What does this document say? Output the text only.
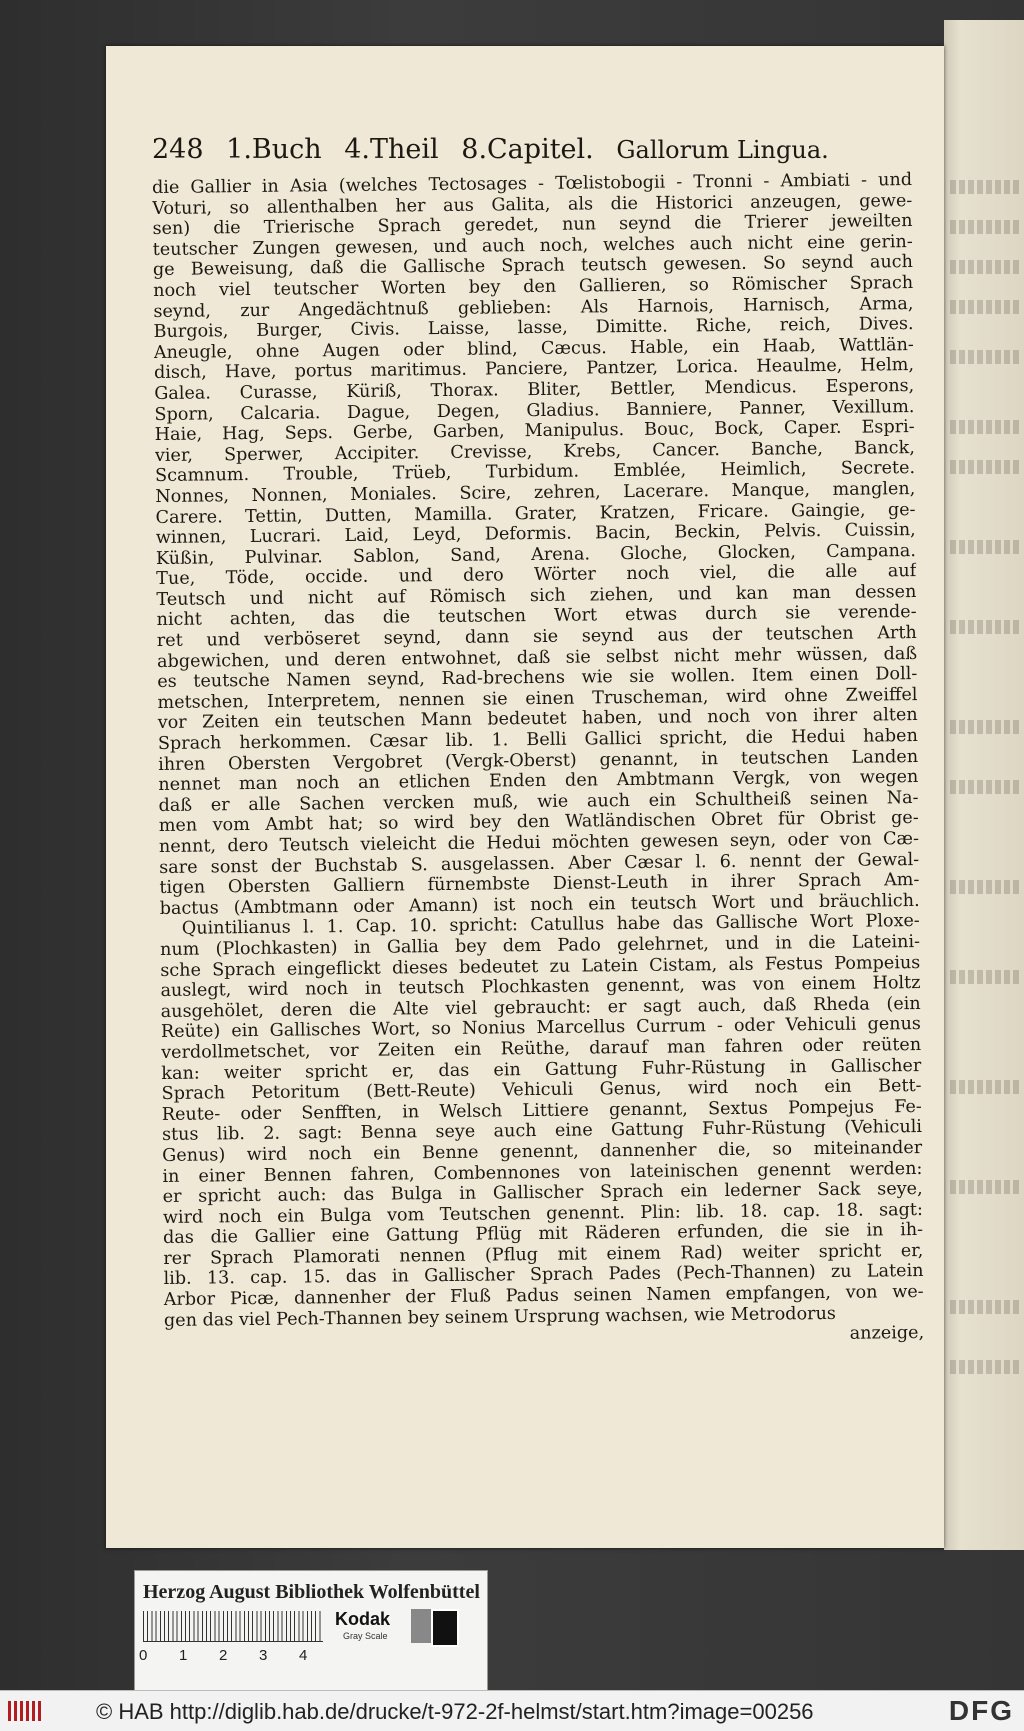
248 1.Buch 4.Theil 8.Capitel. Gallorum Lingua.
die Gallier in Asia (welches Tectosages - Tœlistobogii - Tronni - Ambiati - und
Voturi, so allenthalben her aus Galita, als die Historici anzeugen, gewe-
sen) die Trierische Sprach geredet, nun seynd die Trierer jeweilten
teutscher Zungen gewesen, und auch noch, welches auch nicht eine gerin-
ge Beweisung, daß die Gallische Sprach teutsch gewesen. So seynd auch
noch viel teutscher Worten bey den Gallieren, so Römischer Sprach
seynd, zur Angedächtnuß geblieben: Als Harnois, Harnisch, Arma,
Burgois, Burger, Civis. Laisse, lasse, Dimitte. Riche, reich, Dives.
Aneugle, ohne Augen oder blind, Cæcus. Hable, ein Haab, Wattlän-
disch, Have, portus maritimus. Panciere, Pantzer, Lorica. Heaulme, Helm,
Galea. Curasse, Küriß, Thorax. Bliter, Bettler, Mendicus. Esperons,
Sporn, Calcaria. Dague, Degen, Gladius. Banniere, Panner, Vexillum.
Haie, Hag, Seps. Gerbe, Garben, Manipulus. Bouc, Bock, Caper. Espri-
vier, Sperwer, Accipiter. Crevisse, Krebs, Cancer. Banche, Banck,
Scamnum. Trouble, Trüeb, Turbidum. Emblée, Heimlich, Secrete.
Nonnes, Nonnen, Moniales. Scire, zehren, Lacerare. Manque, manglen,
Carere. Tettin, Dutten, Mamilla. Grater, Kratzen, Fricare. Gaingie, ge-
winnen, Lucrari. Laid, Leyd, Deformis. Bacin, Beckin, Pelvis. Cuissin,
Küßin, Pulvinar. Sablon, Sand, Arena. Gloche, Glocken, Campana.
Tue, Töde, occide. und dero Wörter noch viel, die alle auf
Teutsch und nicht auf Römisch sich ziehen, und kan man dessen
nicht achten, das die teutschen Wort etwas durch sie verende-
ret und verböseret seynd, dann sie seynd aus der teutschen Arth
abgewichen, und deren entwohnet, daß sie selbst nicht mehr wüssen, daß
es teutsche Namen seynd, Rad-brechens wie sie wollen. Item einen Doll-
metschen, Interpretem, nennen sie einen Truscheman, wird ohne Zweiffel
vor Zeiten ein teutschen Mann bedeutet haben, und noch von ihrer alten
Sprach herkommen. Cæsar lib. 1. Belli Gallici spricht, die Hedui haben
ihren Obersten Vergobret (Vergk-Oberst) genannt, in teutschen Landen
nennet man noch an etlichen Enden den Ambtmann Vergk, von wegen
daß er alle Sachen vercken muß, wie auch ein Schultheiß seinen Na-
men vom Ambt hat; so wird bey den Watländischen Obret für Obrist ge-
nennt, dero Teutsch vieleicht die Hedui möchten gewesen seyn, oder von Cæ-
sare sonst der Buchstab S. ausgelassen. Aber Cæsar l. 6. nennt der Gewal-
tigen Obersten Galliern fürnembste Dienst-Leuth in ihrer Sprach Am-
bactus (Ambtmann oder Amann) ist noch ein teutsch Wort und bräuchlich.
Quintilianus l. 1. Cap. 10. spricht: Catullus habe das Gallische Wort Ploxe-
num (Plochkasten) in Gallia bey dem Pado gelehrnet, und in die Lateini-
sche Sprach eingeflickt dieses bedeutet zu Latein Cistam, als Festus Pompeius
auslegt, wird noch in teutsch Plochkasten genennt, was von einem Holtz
ausgehölet, deren die Alte viel gebraucht: er sagt auch, daß Rheda (ein
Reüte) ein Gallisches Wort, so Nonius Marcellus Currum - oder Vehiculi genus
verdollmetschet, vor Zeiten ein Reüthe, darauf man fahren oder reüten
kan: weiter spricht er, das ein Gattung Fuhr-Rüstung in Gallischer
Sprach Petoritum (Bett-Reute) Vehiculi Genus, wird noch ein Bett-
Reute- oder Senfften, in Welsch Littiere genannt, Sextus Pompejus Fe-
stus lib. 2. sagt: Benna seye auch eine Gattung Fuhr-Rüstung (Vehiculi
Genus) wird noch ein Benne genennt, dannenher die, so miteinander
in einer Bennen fahren, Combennones von lateinischen genennt werden:
er spricht auch: das Bulga in Gallischer Sprach ein lederner Sack seye,
wird noch ein Bulga vom Teutschen genennt. Plin: lib. 18. cap. 18. sagt:
das die Gallier eine Gattung Pflüg mit Räderen erfunden, die sie in ih-
rer Sprach Plamorati nennen (Pflug mit einem Rad) weiter spricht er,
lib. 13. cap. 15. das in Gallischer Sprach Pades (Pech-Thannen) zu Latein
Arbor Picæ, dannenher der Fluß Padus seinen Namen empfangen, von we-
gen das viel Pech-Thannen bey seinem Ursprung wachsen, wie Metrodorus
anzeige,
Herzog August Bibliothek Wolfenbüttel
0 1 2 3 4
Kodak
Gray Scale
© HAB http://diglib.hab.de/drucke/t-972-2f-helmst/start.htm?image=00256	DFG
